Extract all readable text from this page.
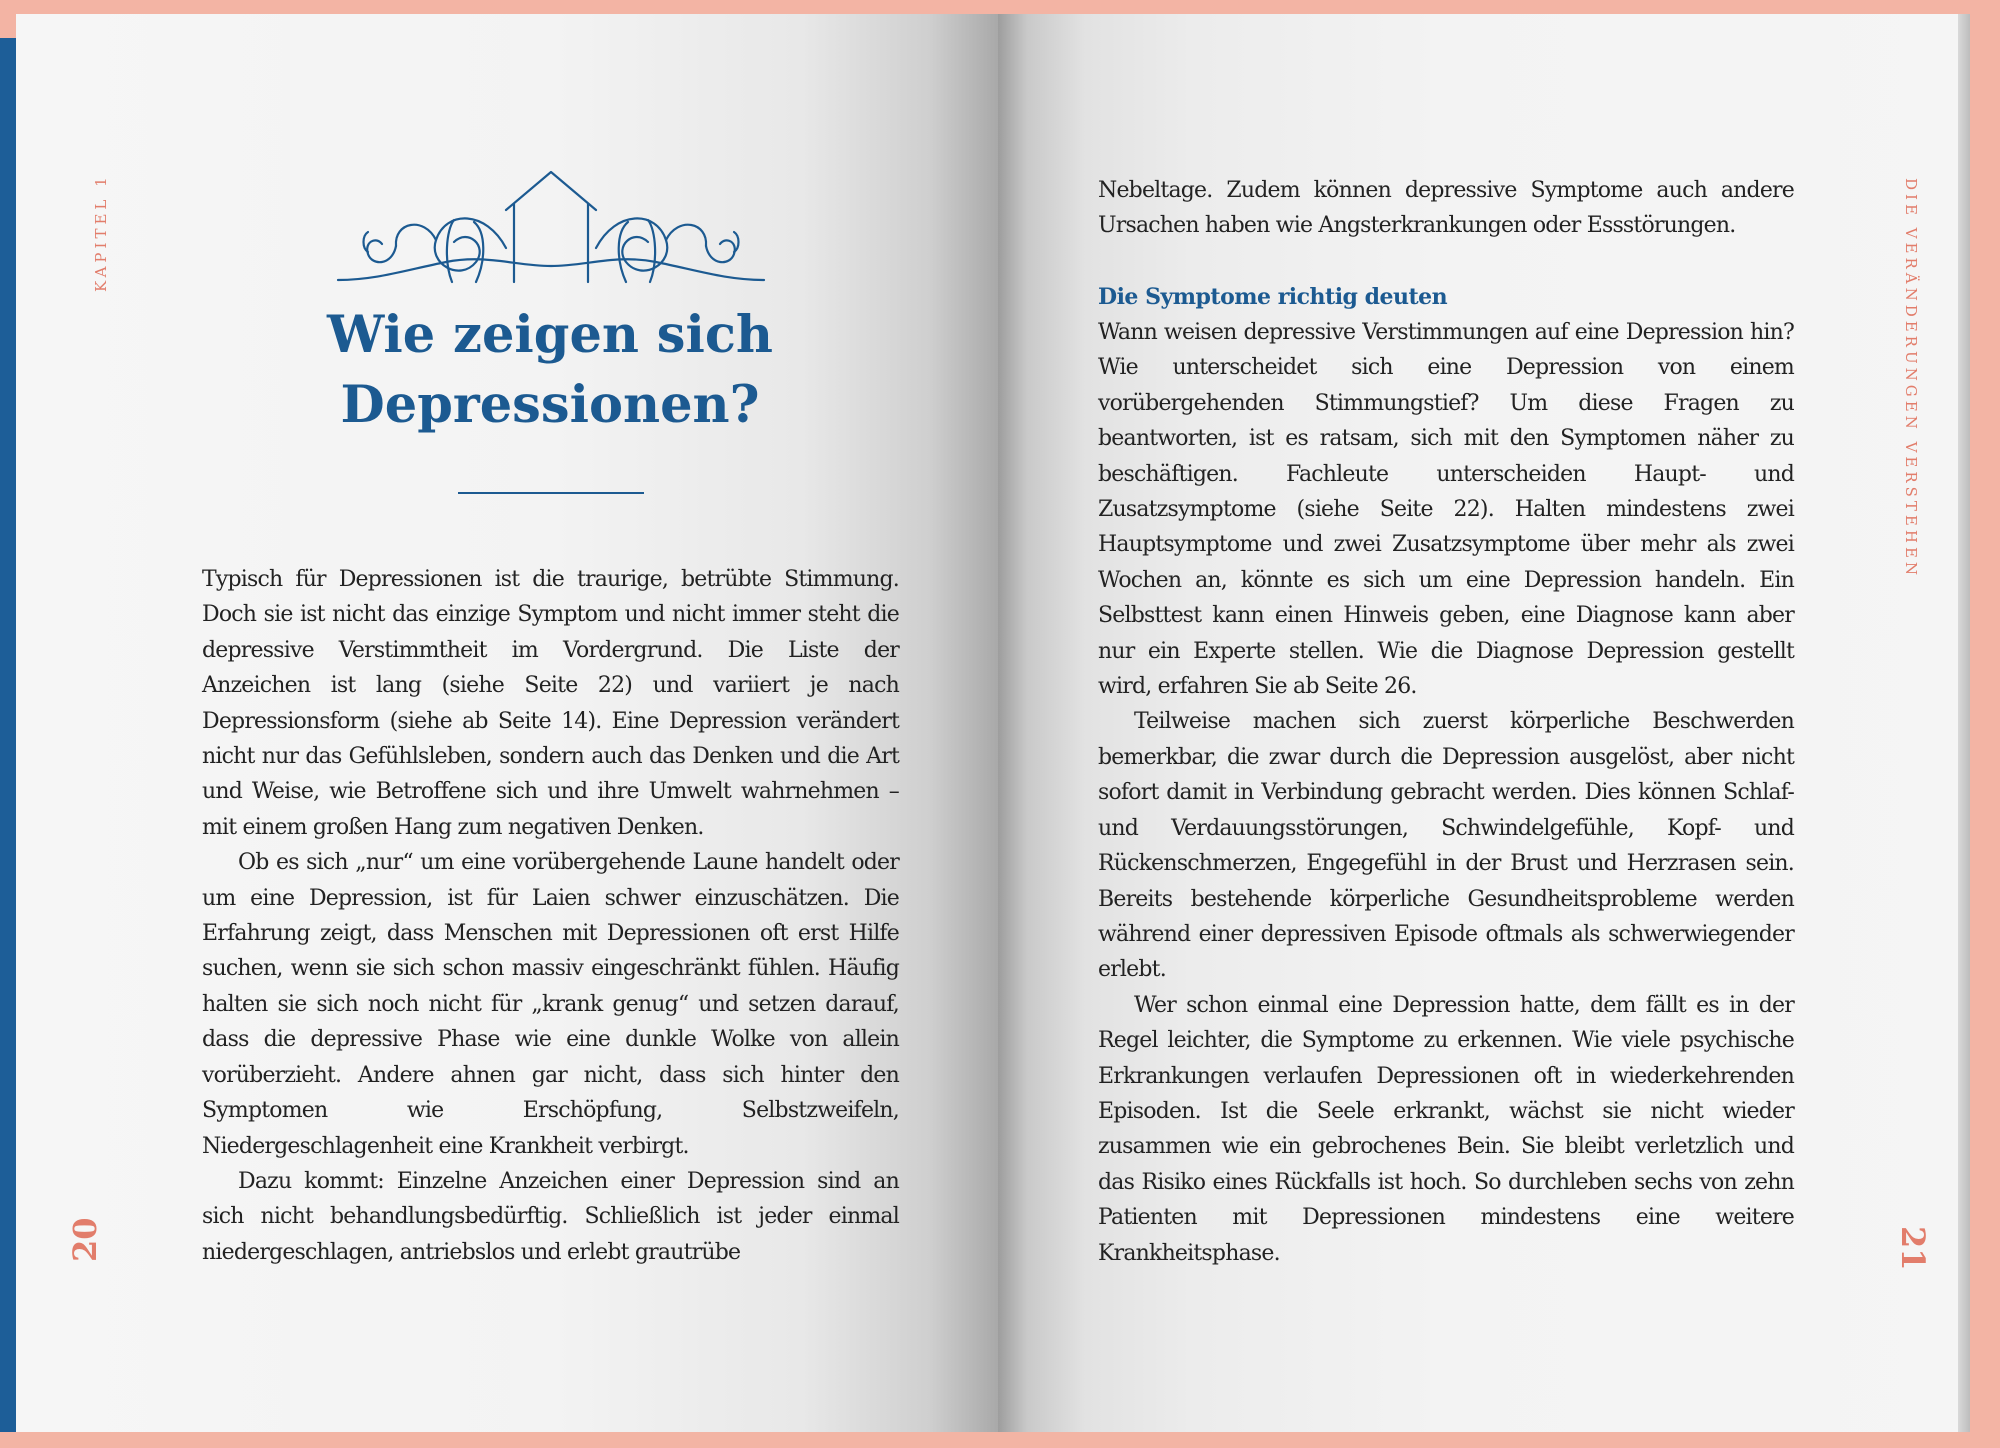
KAPITEL 1
20
Wie zeigen sich
Depressionen?

Typisch für Depressionen ist die traurige, betrübte Stimmung. Doch sie ist nicht das einzige Symptom und nicht immer steht die depressive Verstimmtheit im Vordergrund. Die Liste der Anzeichen ist lang (siehe Seite 22) und variiert je nach Depressionsform (siehe ab Seite 14). Eine Depression verändert nicht nur das Gefühlsleben, sondern auch das Denken und die Art und Weise, wie Betroffene sich und ihre Umwelt wahrnehmen – mit einem großen Hang zum negativen Denken.

Ob es sich „nur“ um eine vorübergehende Laune handelt oder um eine Depression, ist für Laien schwer einzuschätzen. Die Erfahrung zeigt, dass Menschen mit Depressionen oft erst Hilfe suchen, wenn sie sich schon massiv eingeschränkt fühlen. Häufig halten sie sich noch nicht für „krank genug“ und setzen darauf, dass die depressive Phase wie eine dunkle Wolke von allein vorüberzieht. Andere ahnen gar nicht, dass sich hinter den Symptomen wie Erschöpfung, Selbstzweifeln, Niedergeschlagenheit eine Krankheit verbirgt.

Dazu kommt: Einzelne Anzeichen einer Depression sind an sich nicht behandlungsbedürftig. Schließlich ist jeder einmal niedergeschlagen, antriebslos und erlebt grautrübe

DIE VERÄNDERUNGEN VERSTEHEN
21

Nebeltage. Zudem können depressive Symptome auch andere Ursachen haben wie Angsterkrankungen oder Essstörungen.

Die Symptome richtig deuten

Wann weisen depressive Verstimmungen auf eine Depression hin? Wie unterscheidet sich eine Depression von einem vorübergehenden Stimmungstief? Um diese Fragen zu beantworten, ist es ratsam, sich mit den Symptomen näher zu beschäftigen. Fachleute unterscheiden Haupt- und Zusatzsymptome (siehe Seite 22). Halten mindestens zwei Hauptsymptome und zwei Zusatzsymptome über mehr als zwei Wochen an, könnte es sich um eine Depression handeln. Ein Selbsttest kann einen Hinweis geben, eine Diagnose kann aber nur ein Experte stellen. Wie die Diagnose Depression gestellt wird, erfahren Sie ab Seite 26.

Teilweise machen sich zuerst körperliche Beschwerden bemerkbar, die zwar durch die Depression ausgelöst, aber nicht sofort damit in Verbindung gebracht werden. Dies können Schlaf- und Verdauungsstörungen, Schwindelgefühle, Kopf- und Rückenschmerzen, Engegefühl in der Brust und Herzrasen sein. Bereits bestehende körperliche Gesundheitsprobleme werden während einer depressiven Episode oftmals als schwerwiegender erlebt.

Wer schon einmal eine Depression hatte, dem fällt es in der Regel leichter, die Symptome zu erkennen. Wie viele psychische Erkrankungen verlaufen Depressionen oft in wiederkehrenden Episoden. Ist die Seele erkrankt, wächst sie nicht wieder zusammen wie ein gebrochenes Bein. Sie bleibt verletzlich und das Risiko eines Rückfalls ist hoch. So durchleben sechs von zehn Patienten mit Depressionen mindestens eine weitere Krankheitsphase.
